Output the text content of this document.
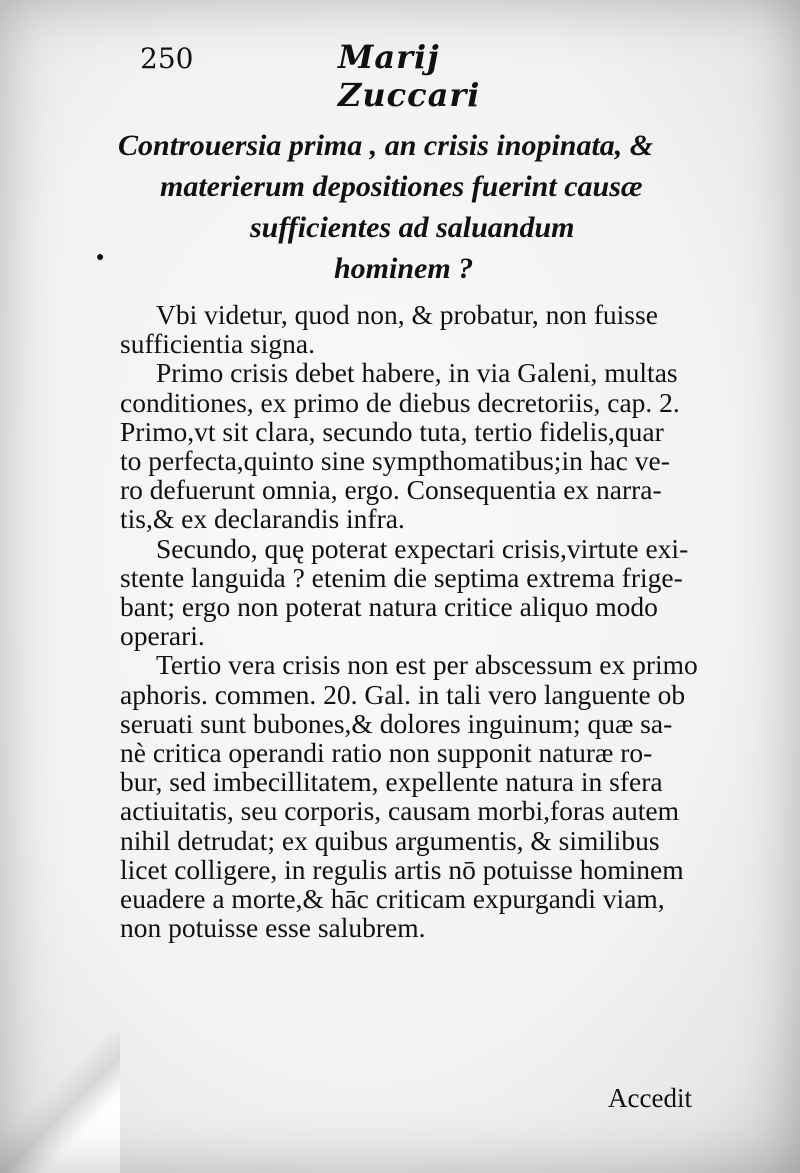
250	Marij Zuccari
Controuersia prima , an crisis inopinata, &
materierum depositiones fuerint causæ
sufficientes ad saluandum
hominem ?
●
Vbi videtur, quod non, & probatur, non fuisse
sufficientia signa.
Primo crisis debet habere, in via Galeni, multas
conditiones, ex primo de diebus decretoriis, cap. 2.
Primo,vt sit clara, secundo tuta, tertio fidelis,quar
to perfecta,quinto sine sympthomatibus;in hac ve-
ro defuerunt omnia, ergo. Consequentia ex narra-
tis,& ex declarandis infra.
Secundo, quę poterat expectari crisis,virtute exi-
stente languida ? etenim die septima extrema frige-
bant; ergo non poterat natura critice aliquo modo
operari.
Tertio vera crisis non est per abscessum ex primo
aphoris. commen. 20. Gal. in tali vero languente ob
seruati sunt bubones,& dolores inguinum; quæ sa-
nè critica operandi ratio non supponit naturæ ro-
bur, sed imbecillitatem, expellente natura in sfera
actiuitatis, seu corporis, causam morbi,foras autem
nihil detrudat; ex quibus argumentis, & similibus
licet colligere, in regulis artis nō potuisse hominem
euadere a morte,& hāc criticam expurgandi viam,
non potuisse esse salubrem.
Accedit
